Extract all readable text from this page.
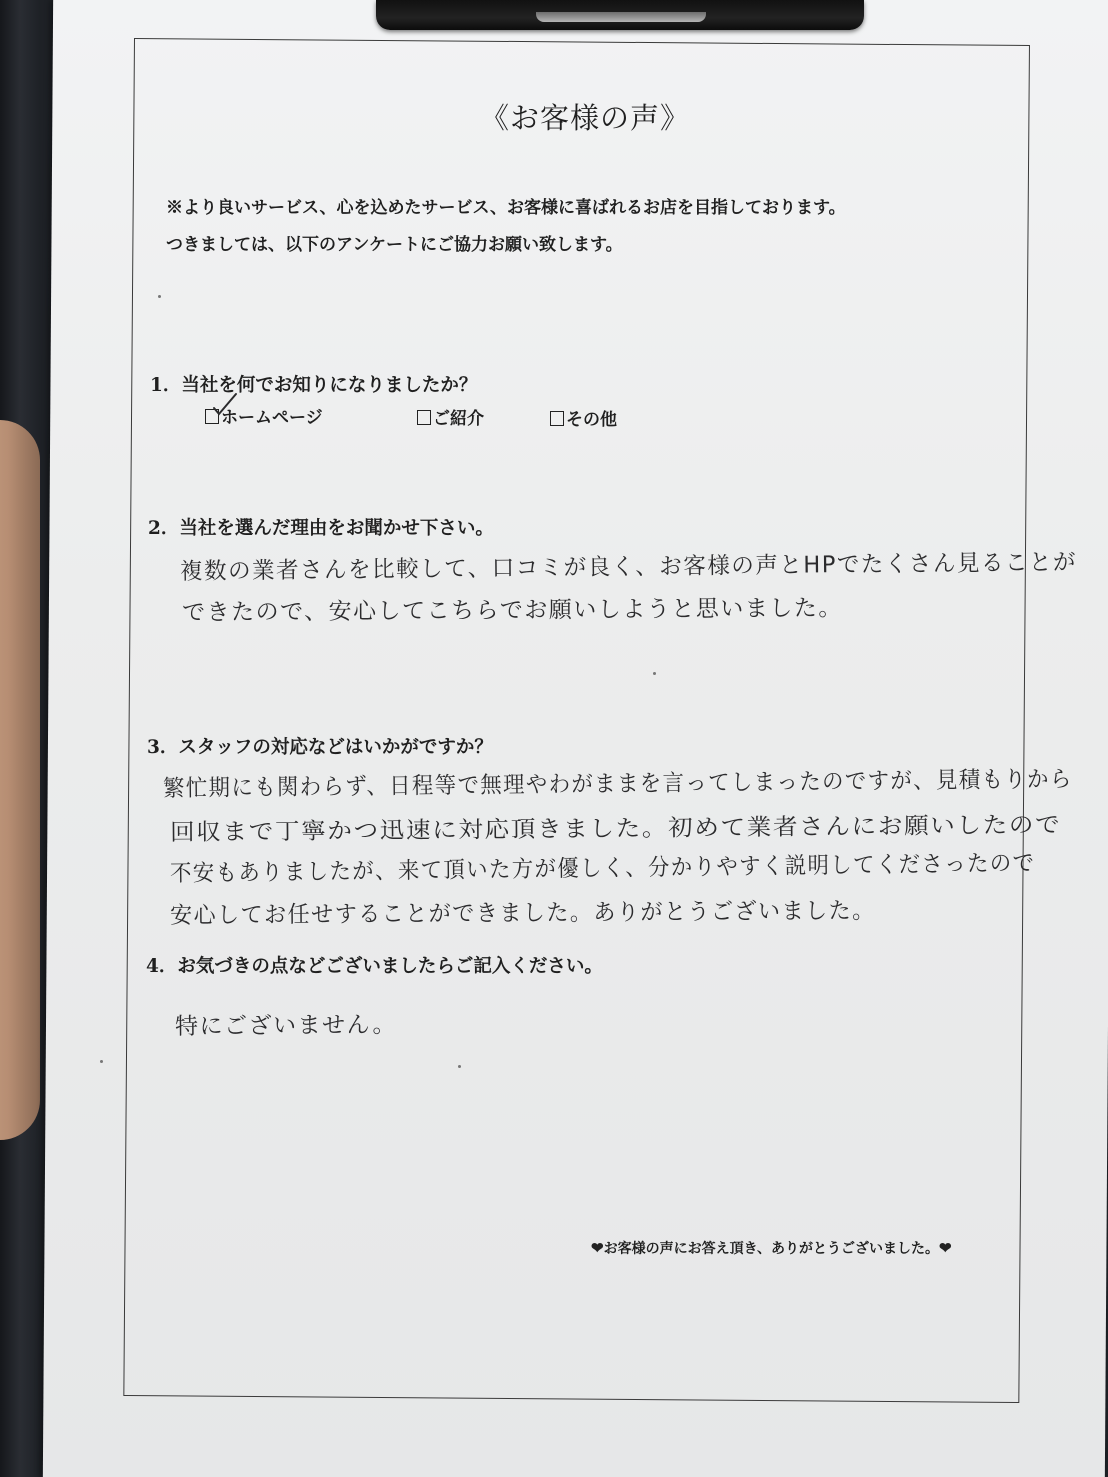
《お客様の声》
※より良いサービス、心を込めたサービス、お客様に喜ばれるお店を目指しております。
つきましては、以下のアンケートにご協力お願い致します。
1．当社を何でお知りになりましたか？
ホームページ	ご紹介	その他
2．当社を選んだ理由をお聞かせ下さい。
複数の業者さんを比較して、口コミが良く、お客様の声とHPでたくさん見ることが
できたので、安心してこちらでお願いしようと思いました。
3．スタッフの対応などはいかがですか？
繁忙期にも関わらず、日程等で無理やわがままを言ってしまったのですが、見積もりから
回収まで丁寧かつ迅速に対応頂きました。初めて業者さんにお願いしたので
不安もありましたが、来て頂いた方が優しく、分かりやすく説明してくださったので
安心してお任せすることができました。ありがとうございました。
4．お気づきの点などございましたらご記入ください。
特にございません。
❤お客様の声にお答え頂き、ありがとうございました。❤
